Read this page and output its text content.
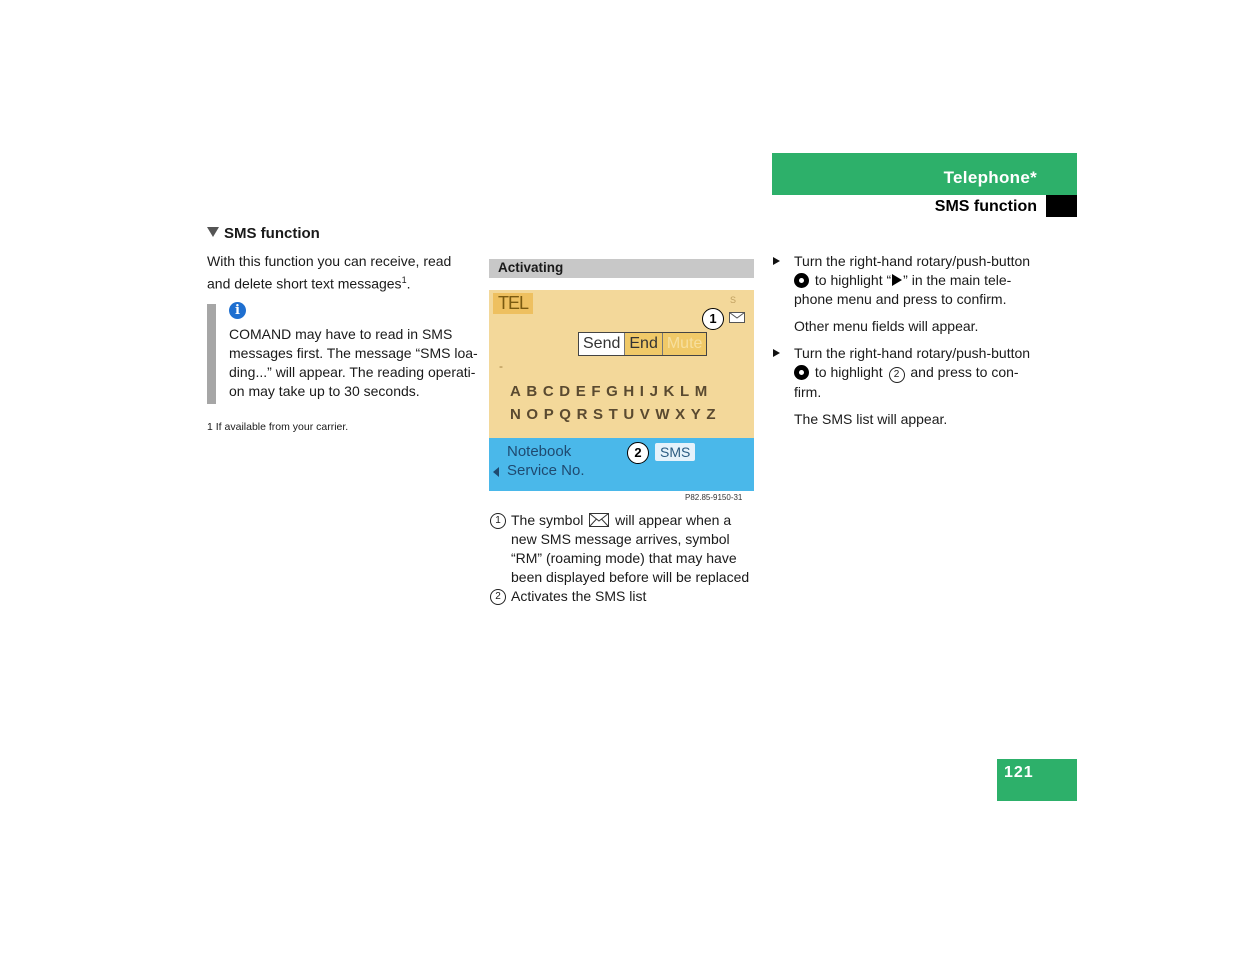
Telephone*
SMS function
SMS function
With this function you can receive, read and delete short text messages$^1$.
i
COMAND may have to read in SMS messages first. The message “SMS loa-ding...” will appear. The reading operati-on may take up to 30 seconds.
1 If available from your carrier.
Activating
TEL	S
1
Send End Mute
-
ABCDEFGHIJKLM
NOPQRSTUVWXYZ
Notebook
Service No.
SMS
2
P82.85-9150-31
1 The symbol will appear when a new SMS message arrives, symbol “RM” (roaming mode) that may have been displayed before will be replaced
2 Activates the SMS list
Turn the right-hand rotary/push-button
to highlight “ ” in the main tele-phone menu and press to confirm.
Other menu fields will appear.
Turn the right-hand rotary/push-button
to highlight 2 and press to con-firm.
The SMS list will appear.
121
